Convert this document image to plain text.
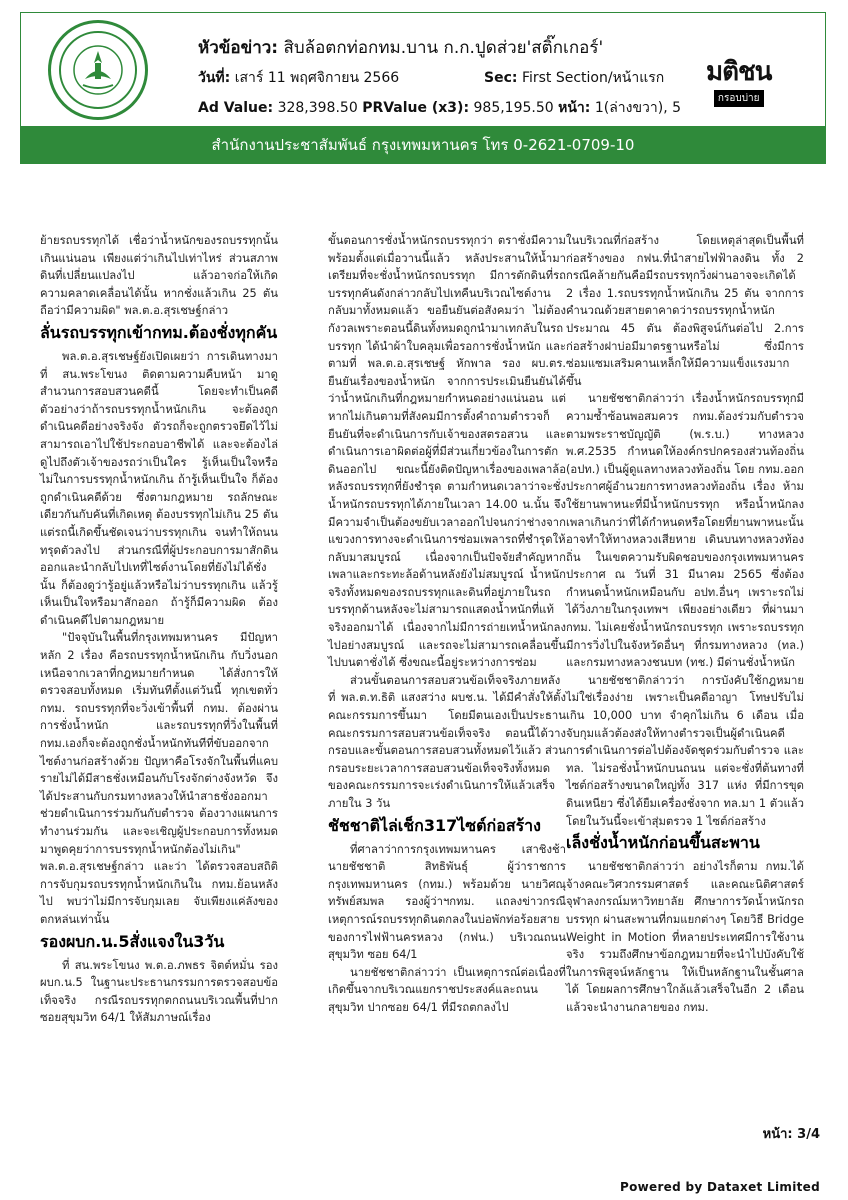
หัวข้อข่าว: สิบล้อตกท่อกทม.บาน ก.ก.ปูดส่วย'สติ๊กเกอร์'
วันที่: เสาร์ 11 พฤศจิกายน 2566	Sec: First Section/หน้าแรก
Ad Value: 328,398.50 PRValue (x3): 985,195.50 หน้า: 1(ล่างขวา), 5
มติชน
กรอบบ่าย
สำนักงานประชาสัมพันธ์ กรุงเทพมหานคร โทร 0-2621-0709-10

ย้ายรถบรรทุกได้ เชื่อว่าน้ำหนักของรถบรรทุกนั้นเกินแน่นอน เพียงแต่ว่าเกินไปเท่าไหร่ ส่วนสภาพดินที่เปลี่ยนแปลงไป แล้วอาจก่อให้เกิดความคลาดเคลื่อนได้นั้น หากชั่งแล้วเกิน 25 ตัน ถือว่ามีความผิด" พล.ต.อ.สุรเชษฐ์กล่าว

ลั่นรถบรรทุกเข้ากทม.ต้องชั่งทุกคัน

พล.ต.อ.สุรเชษฐ์ยังเปิดเผยว่า การเดินทางมาที่ สน.พระโขนง ติดตามความคืบหน้า มาดูสำนวนการสอบสวนคดีนี้ โดยจะทำเป็นคดีตัวอย่างว่าถ้ารถบรรทุกน้ำหนักเกิน จะต้องถูกดำเนินคดีอย่างจริงจัง ตัวรถก็จะถูกตรวจยึดไว้ไม่สามารถเอาไปใช้ประกอบอาชีพได้ และจะต้องไล่ดูไปถึงตัวเจ้าของรถว่าเป็นใคร รู้เห็นเป็นใจหรือไม่ในการบรรทุกน้ำหนักเกิน ถ้ารู้เห็นเป็นใจ ก็ต้องถูกดำเนินคดีด้วย ซึ่งตามกฎหมาย รถลักษณะเดียวกันกับคันที่เกิดเหตุ ต้องบรรทุกไม่เกิน 25 ตัน แต่รถนี้เกิดขึ้นชัดเจนว่าบรรทุกเกิน จนทำให้ถนนทรุดตัวลงไป ส่วนกรณีที่ผู้ประกอบการมาสักดินออกและนำกลับไปเทที่ไซต์งานโดยที่ยังไม่ได้ชั่งนั้น ก็ต้องดูว่ารู้อยู่แล้วหรือไม่ว่าบรรทุกเกิน แล้วรู้เห็นเป็นใจหรือมาสักออก ถ้ารู้ก็มีความผิด ต้องดำเนินคดีไปตามกฎหมาย

"ปัจจุบันในพื้นที่กรุงเทพมหานคร มีปัญหาหลัก 2 เรื่อง คือรถบรรทุกน้ำหนักเกิน กับวิ่งนอกเหนือจากเวลาที่กฎหมายกำหนด ได้สั่งการให้ตรวจสอบทั้งหมด เริ่มทันทีตั้งแต่วันนี้ ทุกเขตทั่ว กทม. รถบรรทุกที่จะวิ่งเข้าพื้นที่ กทม. ต้องผ่านการชั่งน้ำหนัก และรถบรรทุกที่วิ่งในพื้นที่ กทม.เองก็จะต้องถูกชั่งน้ำหนักทันทีที่ขับออกจากไซต์งานก่อสร้างด้วย ปัญหาคือโรงจักในพื้นที่แคบรายไม่ได้มีสาธชั่งเหมือนกับโรงจักต่างจังหวัด จึงได้ประสานกับกรมทางหลวงให้นำสาธชั่งออกมาช่วยดำเนินการร่วมกันกับตำรวจ ต้องวางแผนการทำงานร่วมกัน และจะเชิญผู้ประกอบการทั้งหมดมาพูดคุยว่าการบรรทุกน้ำหนักต้องไม่เกิน" พล.ต.อ.สุรเชษฐ์กล่าว และว่า ได้ตรวจสอบสถิติการจับกุมรถบรรทุกน้ำหนักเกินใน กทม.ย้อนหลังไป พบว่าไม่มีการจับกุมเลย จับเพียงแค่ลังของตกหล่นเท่านั้น

รองผบก.น.5สั่งแจงใน3วัน

ที่ สน.พระโขนง พ.ต.อ.ภพธร จิตต์หมั่น รอง ผบก.น.5 ในฐานะประธานกรรมการตรวจสอบข้อเท็จจริง กรณีรถบรรทุกตกถนนบริเวณพื้นที่ปากซอยสุขุมวิท 64/1 ให้สัมภาษณ์เรื่อง

ขั้นตอนการชั่งน้ำหนักรถบรรทุกว่า ตราชั่งมีความพร้อมตั้งแต่เมื่อวานนี้แล้ว หลังประสานให้น้ำมาเตรียมที่จะชั่งน้ำหนักรถบรรทุก มีการตักดินที่รถบรรทุกคันดังกล่าวกลับไปเทคืนบริเวณไซต์งาน กลับมาทั้งหมดแล้ว ขอยืนยันต่อสังคมว่า ไม่ต้องกังวลเพราะตอนนี้ดินทั้งหมดถูกนำมาเทกลับในรถบรรทุก ได้นำผ้าใบคลุมเพื่อรอการชั่งน้ำหนัก และตามที่ พล.ต.อ.สุรเชษฐ์ หักพาล รอง ผบ.ตร. ยืนยันเรื่องของน้ำหนัก จากการประเมินยืนยันได้ว่าน้ำหนักเกินที่กฎหมายกำหนดอย่างแน่นอน แต่หากไม่เกินตามที่สังคมมีการตั้งคำถามตำรวจก็ยืนยันที่จะดำเนินการกับเจ้าของสตรอสวน และดำเนินการเอาผิดต่อผู้ที่มีส่วนเกี่ยวข้องในการตักดินออกไป ขณะนี้ยังติดปัญหาเรื่องของเพลาล้อหลังรถบรรทุกที่ยังชำรุด ตามกำหนดเวลาว่าจะชั่งน้ำหนักรถบรรทุกได้ภายในเวลา 14.00 น.นั้น จึงมีความจำเป็นต้องขยับเวลาออกไปจนกว่าช่างจากแขวงการทางจะดำเนินการซ่อมเพลารถที่ชำรุดให้กลับมาสมบูรณ์ เนื่องจากเป็นปัจจัยสำคัญหากเพลาและกระทะล้อด้านหลังยังไม่สมบูรณ์ น้ำหนักจริงทั้งหมดของรถบรรทุกและดินที่อยู่ภายในรถบรรทุกด้านหลังจะไม่สามารถแสดงน้ำหนักที่แท้จริงออกมาได้ เนื่องจากไม่มีการถ่ายเทน้ำหนักลงไปอย่างสมบูรณ์ และรถจะไม่สามารถเคลื่อนขึ้นไปบนตาชั่งได้ ซึ่งขณะนี้อยู่ระหว่างการซ่อม

ส่วนขั้นตอนการสอบสวนข้อเท็จจริงภายหลังที่ พล.ต.ท.ธิติ แสงสว่าง ผบช.น. ได้มีคำสั่งให้ตั้งคณะกรรมการขึ้นมา โดยมีตนเองเป็นประธานคณะกรรมการสอบสวนข้อเท็จจริง ตอนนี้ได้วางกรอบและขั้นตอนการสอบสวนทั้งหมดไว้แล้ว ส่วนกรอบระยะเวลาการสอบสวนข้อเท็จจริงทั้งหมดของคณะกรรมการจะเร่งดำเนินการให้แล้วเสร็จภายใน 3 วัน

ชัชชาติไล่เช็ก317ไซต์ก่อสร้าง

ที่ศาลาว่าการกรุงเทพมหานคร เสาชิงช้า นายชัชชาติ สิทธิพันธุ์ ผู้ว่าราชการกรุงเทพมหานคร (กทม.) พร้อมด้วย นายวิศณุ ทรัพย์สมพล รองผู้ว่าฯกทม. แถลงข่าวกรณีเหตุการณ์รถบรรทุกดินตกลงในบ่อพักท่อร้อยสายของการไฟฟ้านครหลวง (กฟน.) บริเวณถนนสุขุมวิท ซอย 64/1

นายชัชชาติกล่าวว่า เป็นเหตุการณ์ต่อเนื่องที่เกิดขึ้นจากบริเวณแยกราชประสงค์และถนนสุขุมวิท ปากซอย 64/1 ที่มีรถตกลงไป

ในบริเวณที่ก่อสร้าง โดยเหตุล่าสุดเป็นพื้นที่ก่อสร้างของ กฟน.ที่นำสายไฟฟ้าลงดิน ทั้ง 2 กรณีคล้ายกันคือมีรถบรรทุกวิ่งผ่านอาจจะเกิดได้ 2 เรื่อง 1.รถบรรทุกน้ำหนักเกิน 25 ตัน จากการคำนวณด้วยสายตาคาดว่ารถบรรทุกน้ำหนักประมาณ 45 ตัน ต้องพิสูจน์กันต่อไป 2.การก่อสร้างฝาบ่อมีมาตรฐานหรือไม่ ซึ่งมีการซ่อมแซมเสริมคานเหล็กให้มีความแข็งแรงมากขึ้น

นายชัชชาติกล่าวว่า เรื่องน้ำหนักรถบรรทุกมีความซ้ำซ้อนพอสมควร กทม.ต้องร่วมกับตำรวจ ตามพระราชบัญญัติ (พ.ร.บ.) ทางหลวง พ.ศ.2535 กำหนดให้องค์กรปกครองส่วนท้องถิ่น (อปท.) เป็นผู้ดูแลทางหลวงท้องถิ่น โดย กทม.ออกประกาศผู้อำนวยการทางหลวงท้องถิ่น เรื่อง ห้ามใช้ยานพาหนะที่มีน้ำหนักบรรทุก หรือน้ำหนักลงเพลาเกินกว่าที่ได้กำหนดหรือโดยที่ยานพาหนะนั้นอาจทำให้ทางหลวงเสียหาย เดินบนทางหลวงท้องถิ่น ในเขตความรับผิดชอบของกรุงเทพมหานคร ประกาศ ณ วันที่ 31 มีนาคม 2565 ซึ่งต้องกำหนดน้ำหนักเหมือนกับ อปท.อื่นๆ เพราะรถไม่ได้วิ่งภายในกรุงเทพฯ เพียงอย่างเดียว ที่ผ่านมา กทม. ไม่เคยชั่งน้ำหนักรถบรรทุก เพราะรถบรรทุกมีการวิ่งไปในจังหวัดอื่นๆ ที่กรมทางหลวง (ทล.) และกรมทางหลวงชนบท (ทช.) มีด่านชั่งน้ำหนัก

นายชัชชาติกล่าวว่า การบังคับใช้กฎหมายไม่ใช่เรื่องง่าย เพราะเป็นคดีอาญา โทษปรับไม่เกิน 10,000 บาท จำคุกไม่เกิน 6 เดือน เมื่อจับกุมแล้วต้องส่งให้ทางตำรวจเป็นผู้ดำเนินคดี การดำเนินการต่อไปต้องจัดชุดร่วมกับตำรวจ และ ทล. ไม่รอชั่งน้ำหนักบนถนน แต่จะชั่งที่ต้นทางที่ไซต์ก่อสร้างขนาดใหญ่ทั้ง 317 แห่ง ที่มีการขุดดินเหนียว ซึ่งได้ยืมเครื่องชั่งจาก ทล.มา 1 ตัวแล้ว โดยในวันนี้จะเข้าสุ่มตรวจ 1 ไซต์ก่อสร้าง

เล็งชั่งน้ำหนักก่อนขึ้นสะพาน

นายชัชชาติกล่าวว่า อย่างไรก็ตาม กทม.ได้จ้างคณะวิศวกรรมศาสตร์ และคณะนิติศาสตร์ จุฬาลงกรณ์มหาวิทยาลัย ศึกษาการวัดน้ำหนักรถบรรทุก ผ่านสะพานที่กมแยกต่างๆ โดยวิธี Bridge Weight in Motion ที่หลายประเทศมีการใช้งานจริง รวมถึงศึกษาข้อกฎหมายที่จะนำไปบังคับใช้ในการพิสูจน์หลักฐาน ให้เป็นหลักฐานในชั้นศาลได้ โดยผลการศึกษาใกล้แล้วเสร็จในอีก 2 เดือน แล้วจะนำงานกลายของ กทม.

หน้า: 3/4
Powered by Dataxet Limited
